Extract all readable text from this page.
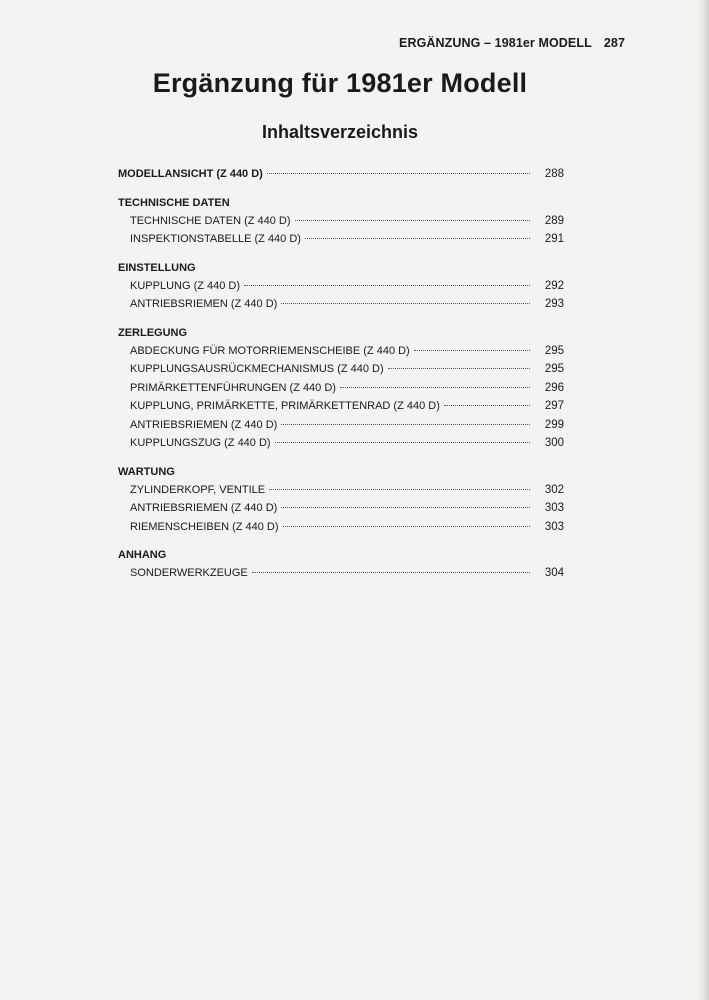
ERGÄNZUNG – 1981er MODELL 287
Ergänzung für 1981er Modell
Inhaltsverzeichnis
MODELLANSICHT (Z 440 D)	288
TECHNISCHE DATEN
TECHNISCHE DATEN (Z 440 D)	289
INSPEKTIONSTABELLE (Z 440 D)	291
EINSTELLUNG
KUPPLUNG (Z 440 D)	292
ANTRIEBSRIEMEN (Z 440 D)	293
ZERLEGUNG
ABDECKUNG FÜR MOTORRIEMENSCHEIBE (Z 440 D)	295
KUPPLUNGSAUSRÜCKMECHANISMUS (Z 440 D)	295
PRIMÄRKETTENFÜHRUNGEN (Z 440 D)	296
KUPPLUNG, PRIMÄRKETTE, PRIMÄRKETTENRAD (Z 440 D)	297
ANTRIEBSRIEMEN (Z 440 D)	299
KUPPLUNGSZUG (Z 440 D)	300
WARTUNG
ZYLINDERKOPF, VENTILE	302
ANTRIEBSRIEMEN (Z 440 D)	303
RIEMENSCHEIBEN (Z 440 D)	303
ANHANG
SONDERWERKZEUGE	304
